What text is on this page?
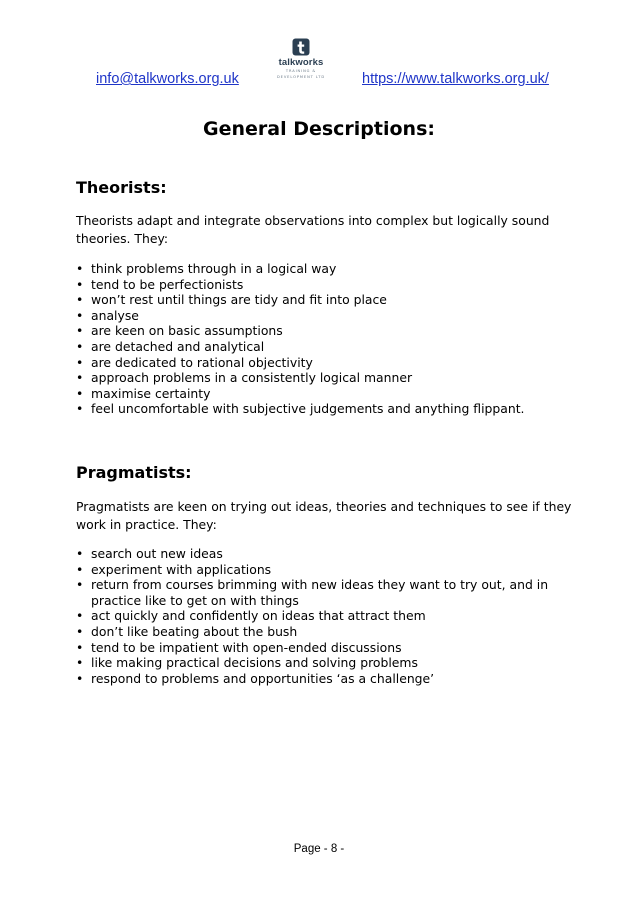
info@talkworks.org.uk
talkworks
TRAINING &
DEVELOPMENT LTD	https://www.talkworks.org.uk/
General Descriptions:
Theorists:

Theorists adapt and integrate observations into complex but logically sound theories. They:

• think problems through in a logical way
• tend to be perfectionists
• won’t rest until things are tidy and fit into place
• analyse
• are keen on basic assumptions
• are detached and analytical
• are dedicated to rational objectivity
• approach problems in a consistently logical manner
• maximise certainty
• feel uncomfortable with subjective judgements and anything flippant.
Pragmatists:

Pragmatists are keen on trying out ideas, theories and techniques to see if they work in practice. They:

• search out new ideas
• experiment with applications
• return from courses brimming with new ideas they want to try out, and in practice like to get on with things
• act quickly and confidently on ideas that attract them
• don’t like beating about the bush
• tend to be impatient with open-ended discussions
• like making practical decisions and solving problems
• respond to problems and opportunities ‘as a challenge’
Page - 8 -
